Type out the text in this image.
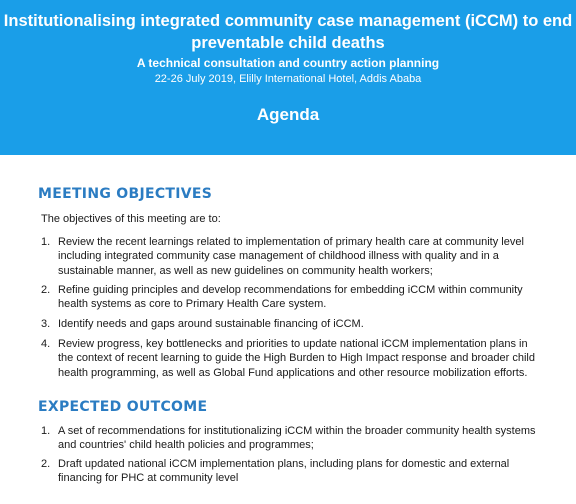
Institutionalising integrated community case management (iCCM) to end preventable child deaths
A technical consultation and country action planning
22-26 July 2019, Elilly International Hotel, Addis Ababa
Agenda
MEETING OBJECTIVES
The objectives of this meeting are to:
1. Review the recent learnings related to implementation of primary health care at community level including integrated community case management of childhood illness with quality and in a sustainable manner, as well as new guidelines on community health workers;
2. Refine guiding principles and develop recommendations for embedding iCCM within community health systems as core to Primary Health Care system.
3. Identify needs and gaps around sustainable financing of iCCM.
4. Review progress, key bottlenecks and priorities to update national iCCM implementation plans in the context of recent learning to guide the High Burden to High Impact response and broader child health programming, as well as Global Fund applications and other resource mobilization efforts.
EXPECTED OUTCOME
1. A set of recommendations for institutionalizing iCCM within the broader community health systems and countries' child health policies and programmes;
2. Draft updated national iCCM implementation plans, including plans for domestic and external financing for PHC at community level
